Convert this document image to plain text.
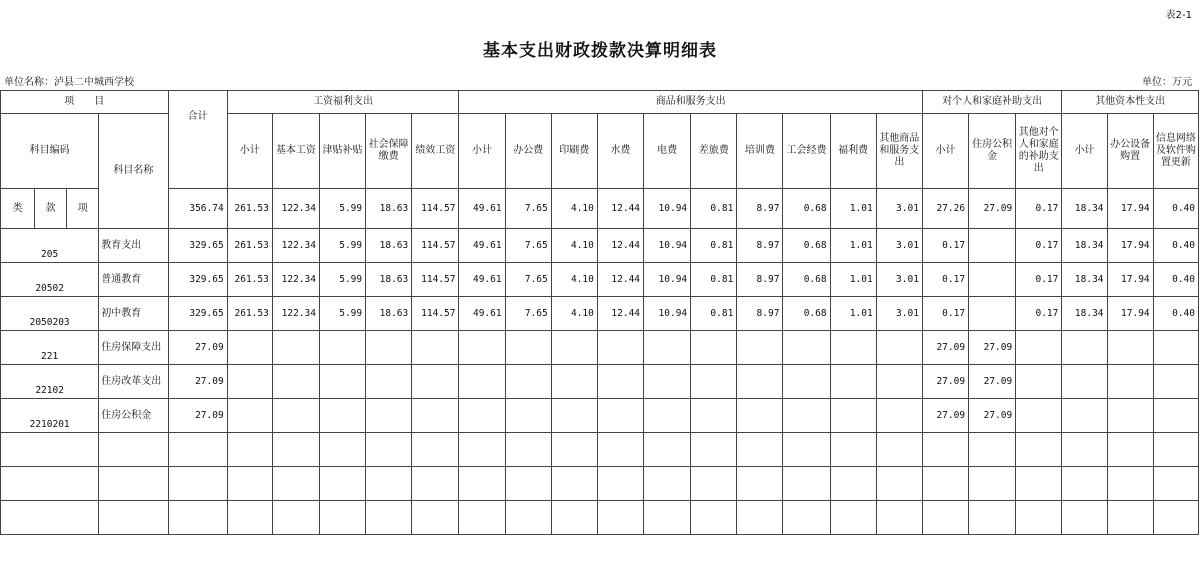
表2-1
基本支出财政拨款决算明细表
单位名称：泸县二中城西学校	单位：万元
项　　目				合计	工资福利支出					商品和服务支出										对个人和家庭补助支出			其他资本性支出		
科目编码			科目名称		小计	基本工资	津贴补贴	社会保障缴费	绩效工资	小计	办公费	印刷费	水费	电费	差旅费	培训费	工会经费	福利费	其他商品和服务支出	小计	住房公积金	其他对个人和家庭的补助支出	小计	办公设备购置	信息网络及软件购置更新
类	款	项		356.74	261.53	122.34	5.99	18.63	114.57	49.61	7.65	4.10	12.44	10.94	0.81	8.97	0.68	1.01	3.01	27.26	27.09	0.17	18.34	17.94	0.40
205			教育支出	329.65	261.53	122.34	5.99	18.63	114.57	49.61	7.65	4.10	12.44	10.94	0.81	8.97	0.68	1.01	3.01	0.17		0.17	18.34	17.94	0.40
20502			普通教育	329.65	261.53	122.34	5.99	18.63	114.57	49.61	7.65	4.10	12.44	10.94	0.81	8.97	0.68	1.01	3.01	0.17		0.17	18.34	17.94	0.40
2050203			初中教育	329.65	261.53	122.34	5.99	18.63	114.57	49.61	7.65	4.10	12.44	10.94	0.81	8.97	0.68	1.01	3.01	0.17		0.17	18.34	17.94	0.40
221			住房保障支出	27.09																27.09	27.09				
22102			住房改革支出	27.09																27.09	27.09				
2210201			住房公积金	27.09																27.09	27.09				
